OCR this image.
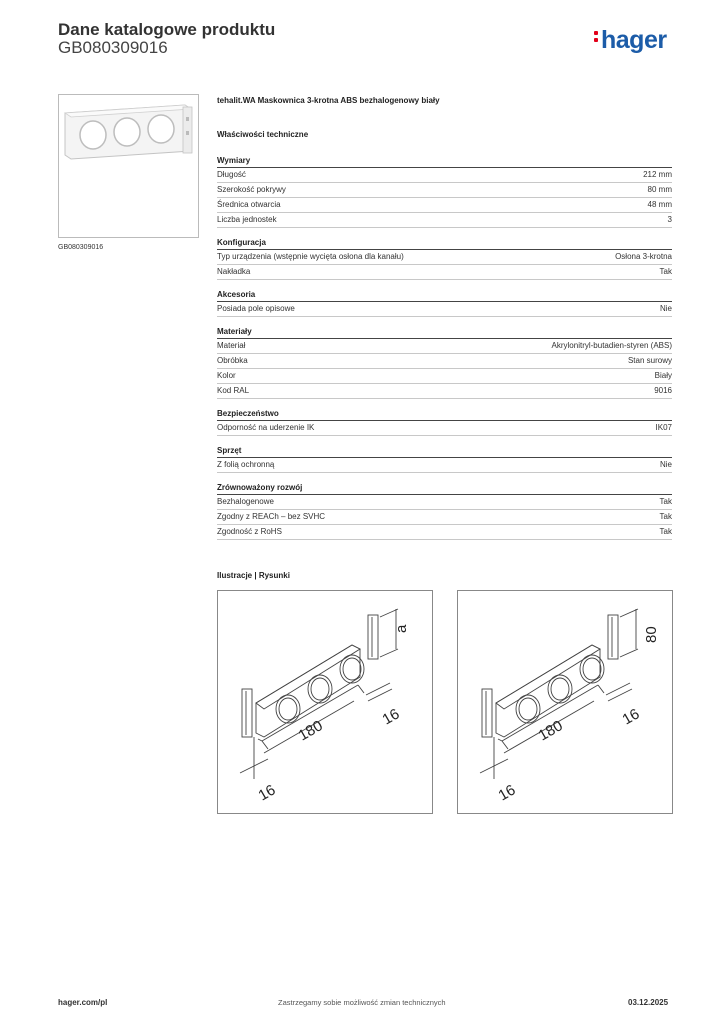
Dane katalogowe produktu
GB080309016	hager
GB080309016
tehalit.WA Maskownica 3-krotna ABS bezhalogenowy biały
Właściwości techniczne
Wymiary
Długość	212 mm
Szerokość pokrywy	80 mm
Średnica otwarcia	48 mm
Liczba jednostek	3
Konfiguracja
Typ urządzenia (wstępnie wycięta osłona dla kanału)	Osłona 3-krotna
Nakładka	Tak
Akcesoria
Posiada pole opisowe	Nie
Materiały
Materiał	Akrylonitryl-butadien-styren (ABS)
Obróbka	Stan surowy
Kolor	Biały
Kod RAL	9016
Bezpieczeństwo
Odporność na uderzenie IK	IK07
Sprzęt
Z folią ochronną	Nie
Zrównoważony rozwój
Bezhalogenowe	Tak
Zgodny z REACh – bez SVHC	Tak
Zgodność z RoHS	Tak
Ilustracje | Rysunki
a
180
16
16
80
180
16
16
hager.com/pl	Zastrzegamy sobie możliwość zmian technicznych	03.12.2025
